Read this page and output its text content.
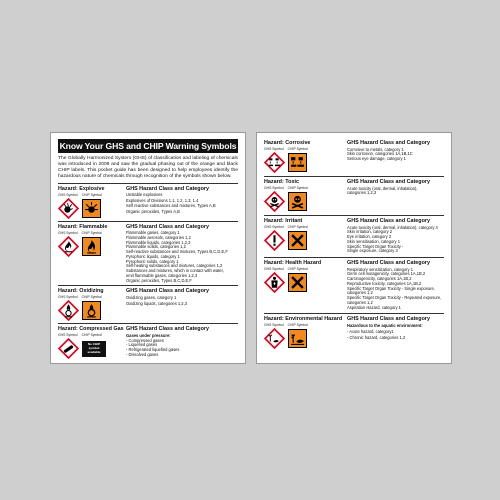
Know Your GHS and CHIP Warning Symbols
The Globally Harmonized System (GHS) of classification and labeling of chemicals was introduced in 2009 and saw the gradual phasing out of the orange and black CHIP labels. This pocket guide has been designed to help employees identify the hazardous nature of chemicals through recognition of the symbols shown below.
Hazard: Explosive
GHS Symbol CHIP Symbol
GHS Hazard Class and Category
Unstable explosives
Explosives of Divisions 1.1, 1.2, 1.3, 1.4
Self reactive substances and mixtures, Types A,B
Organic peroxides, Types A,B
Hazard: Flammable
GHS Symbol CHIP Symbol
GHS Hazard Class and Category
Flammable gases, category 1
Flammable aerosols, categories 1,2
Flammable liquids, categories 1,2,3
Flammable solids, categories 1,2
Self-reactive substances and mixtures, Types B,C,D,E,F
Pyrophoric liquids, category 1
Pyrophoric solids, category 1
Self-heating substances and mixtures, categories 1,2
Substances and mixtures, which in contact with water,
emit flammable gases, categories 1,2,3
Organic peroxides, Types B,C,D,E,F
Hazard: Oxidizing
GHS Symbol CHIP Symbol
GHS Hazard Class and Category
Oxidizing gases, category 1
Oxidizing liquids, categories 1,2,3
Hazard: Compressed Gas
GHS Symbol CHIP Symbol
No CHIP
symbol
available
GHS Hazard Class and Category
Gases under pressure:
- Compressed gases
- Liquefied gases
- Refrigerated liquefied gases
- Dissolved gases
Hazard: Corrosive
GHS Symbol CHIP Symbol
GHS Hazard Class and Category
Corrosive to metals, category 1
Skin corrosion, categories 1A,1B,1C
Serious eye damage, category 1
Hazard: Toxic
GHS Symbol CHIP Symbol
GHS Hazard Class and Category
Acute toxicity (oral, dermal, inhalation),
categories 1,2,3
Hazard: Irritant
GHS Symbol CHIP Symbol
GHS Hazard Class and Category
Acute toxicity (oral, dermal, inhalation), category 4
Skin irritation, category 2
Eye irritation, category 2
Skin sensitisation, category 1
Specific Target Organ Toxicity -
Single exposure, category 3
Hazard: Health Hazard
GHS Symbol CHIP Symbol
GHS Hazard Class and Category
Respiratory sensitization, category 1
Germ cell mutagenicity, categories 1A,1B,2
Carcinogenicity, categories 1A,1B,2
Reproductive toxicity, categories 1A,1B,2
Specific Target Organ Toxicity - Single exposure,
categories 1,2
Specific Target Organ Toxicity - Repeated exposure,
categories 1,2
Aspiration Hazard, category 1
Hazard: Environmental Hazard
GHS Symbol CHIP Symbol
GHS Hazard Class and Category
Hazardous to the aquatic environment:
- Acute hazard, category1
- Chronic hazard, categories 1,2
